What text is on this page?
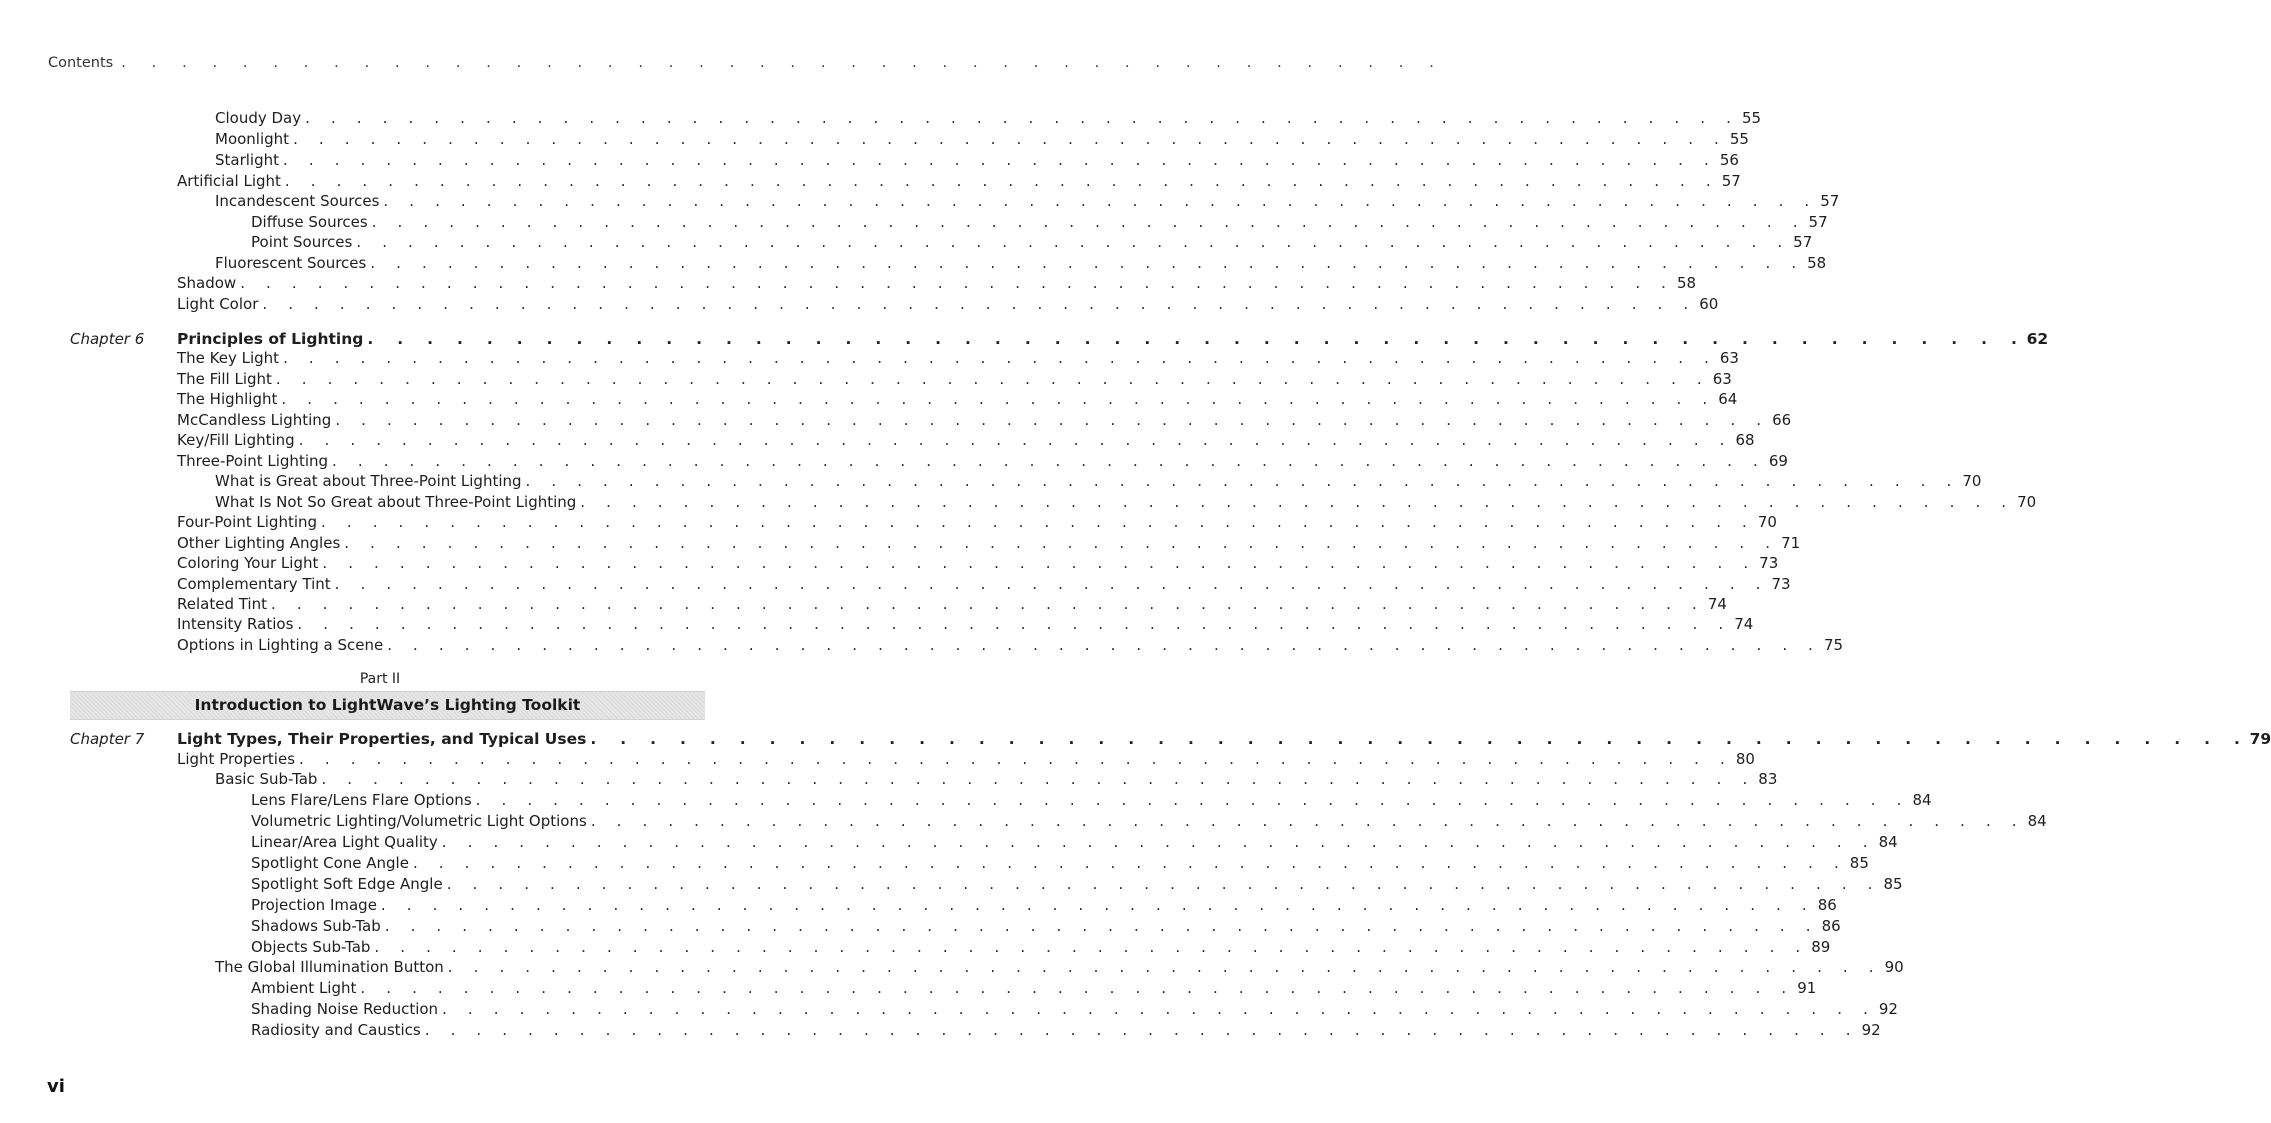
Contents . . . . . . . . . . . . . . . . . . . . . . . . . . . . . . . . . . . . . . . . . . . .
Cloudy Day . . . . . . . . . . . . . . . . . . . . . . . . . . . . . . . . . . . . . . . . . . . . . . . . . . . . . . . . 55
Moonlight . . . . . . . . . . . . . . . . . . . . . . . . . . . . . . . . . . . . . . . . . . . . . . . . . . . . . . . . 55
Starlight . . . . . . . . . . . . . . . . . . . . . . . . . . . . . . . . . . . . . . . . . . . . . . . . . . . . . . . . 56
Artificial Light . . . . . . . . . . . . . . . . . . . . . . . . . . . . . . . . . . . . . . . . . . . . . . . . . . . . . . . . 57
Incandescent Sources . . . . . . . . . . . . . . . . . . . . . . . . . . . . . . . . . . . . . . . . . . . . . . . . . . . . . . . . 57
Diffuse Sources . . . . . . . . . . . . . . . . . . . . . . . . . . . . . . . . . . . . . . . . . . . . . . . . . . . . . . . . 57
Point Sources . . . . . . . . . . . . . . . . . . . . . . . . . . . . . . . . . . . . . . . . . . . . . . . . . . . . . . . . 57
Fluorescent Sources . . . . . . . . . . . . . . . . . . . . . . . . . . . . . . . . . . . . . . . . . . . . . . . . . . . . . . . . 58
Shadow . . . . . . . . . . . . . . . . . . . . . . . . . . . . . . . . . . . . . . . . . . . . . . . . . . . . . . . . 58
Light Color . . . . . . . . . . . . . . . . . . . . . . . . . . . . . . . . . . . . . . . . . . . . . . . . . . . . . . . . 60
Chapter 6 Principles of Lighting . . . . . . . . . . . . . . . . . . . . . . . . . . . . . . . . . . . . . . . . . . . . . . . . . . . . . . . . 62
The Key Light . . . . . . . . . . . . . . . . . . . . . . . . . . . . . . . . . . . . . . . . . . . . . . . . . . . . . . . . 63
The Fill Light . . . . . . . . . . . . . . . . . . . . . . . . . . . . . . . . . . . . . . . . . . . . . . . . . . . . . . . . 63
The Highlight . . . . . . . . . . . . . . . . . . . . . . . . . . . . . . . . . . . . . . . . . . . . . . . . . . . . . . . . 64
McCandless Lighting . . . . . . . . . . . . . . . . . . . . . . . . . . . . . . . . . . . . . . . . . . . . . . . . . . . . . . . . 66
Key/Fill Lighting . . . . . . . . . . . . . . . . . . . . . . . . . . . . . . . . . . . . . . . . . . . . . . . . . . . . . . . . 68
Three-Point Lighting . . . . . . . . . . . . . . . . . . . . . . . . . . . . . . . . . . . . . . . . . . . . . . . . . . . . . . . . 69
What is Great about Three-Point Lighting . . . . . . . . . . . . . . . . . . . . . . . . . . . . . . . . . . . . . . . . . . . . . . . . . . . . . . . . 70
What Is Not So Great about Three-Point Lighting . . . . . . . . . . . . . . . . . . . . . . . . . . . . . . . . . . . . . . . . . . . . . . . . . . . . . . . . 70
Four-Point Lighting . . . . . . . . . . . . . . . . . . . . . . . . . . . . . . . . . . . . . . . . . . . . . . . . . . . . . . . . 70
Other Lighting Angles . . . . . . . . . . . . . . . . . . . . . . . . . . . . . . . . . . . . . . . . . . . . . . . . . . . . . . . . 71
Coloring Your Light . . . . . . . . . . . . . . . . . . . . . . . . . . . . . . . . . . . . . . . . . . . . . . . . . . . . . . . . 73
Complementary Tint . . . . . . . . . . . . . . . . . . . . . . . . . . . . . . . . . . . . . . . . . . . . . . . . . . . . . . . . 73
Related Tint . . . . . . . . . . . . . . . . . . . . . . . . . . . . . . . . . . . . . . . . . . . . . . . . . . . . . . . . 74
Intensity Ratios . . . . . . . . . . . . . . . . . . . . . . . . . . . . . . . . . . . . . . . . . . . . . . . . . . . . . . . . 74
Options in Lighting a Scene . . . . . . . . . . . . . . . . . . . . . . . . . . . . . . . . . . . . . . . . . . . . . . . . . . . . . . . . 75
Part II
Introduction to LightWave’s Lighting Toolkit
Chapter 7 Light Types, Their Properties, and Typical Uses . . . . . . . . . . . . . . . . . . . . . . . . . . . . . . . . . . . . . . . . . . . . . . . . . . . . . . . . 79
Light Properties . . . . . . . . . . . . . . . . . . . . . . . . . . . . . . . . . . . . . . . . . . . . . . . . . . . . . . . . 80
Basic Sub-Tab . . . . . . . . . . . . . . . . . . . . . . . . . . . . . . . . . . . . . . . . . . . . . . . . . . . . . . . . 83
Lens Flare/Lens Flare Options . . . . . . . . . . . . . . . . . . . . . . . . . . . . . . . . . . . . . . . . . . . . . . . . . . . . . . . . 84
Volumetric Lighting/Volumetric Light Options . . . . . . . . . . . . . . . . . . . . . . . . . . . . . . . . . . . . . . . . . . . . . . . . . . . . . . . . 84
Linear/Area Light Quality . . . . . . . . . . . . . . . . . . . . . . . . . . . . . . . . . . . . . . . . . . . . . . . . . . . . . . . . 84
Spotlight Cone Angle . . . . . . . . . . . . . . . . . . . . . . . . . . . . . . . . . . . . . . . . . . . . . . . . . . . . . . . . 85
Spotlight Soft Edge Angle . . . . . . . . . . . . . . . . . . . . . . . . . . . . . . . . . . . . . . . . . . . . . . . . . . . . . . . . 85
Projection Image . . . . . . . . . . . . . . . . . . . . . . . . . . . . . . . . . . . . . . . . . . . . . . . . . . . . . . . . 86
Shadows Sub-Tab . . . . . . . . . . . . . . . . . . . . . . . . . . . . . . . . . . . . . . . . . . . . . . . . . . . . . . . . 86
Objects Sub-Tab . . . . . . . . . . . . . . . . . . . . . . . . . . . . . . . . . . . . . . . . . . . . . . . . . . . . . . . . 89
The Global Illumination Button . . . . . . . . . . . . . . . . . . . . . . . . . . . . . . . . . . . . . . . . . . . . . . . . . . . . . . . . 90
Ambient Light . . . . . . . . . . . . . . . . . . . . . . . . . . . . . . . . . . . . . . . . . . . . . . . . . . . . . . . . 91
Shading Noise Reduction . . . . . . . . . . . . . . . . . . . . . . . . . . . . . . . . . . . . . . . . . . . . . . . . . . . . . . . . 92
Radiosity and Caustics . . . . . . . . . . . . . . . . . . . . . . . . . . . . . . . . . . . . . . . . . . . . . . . . . . . . . . . . 92
vi
